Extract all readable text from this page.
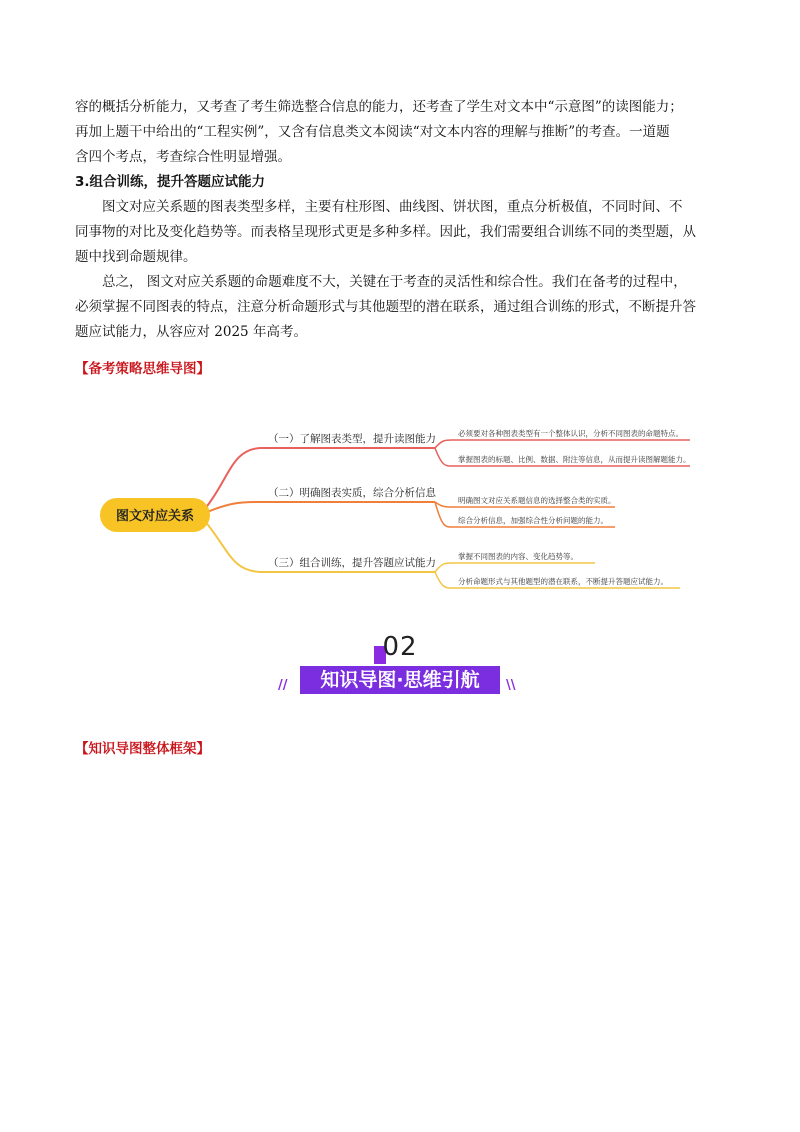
容的概括分析能力，又考查了考生筛选整合信息的能力，还考查了学生对文本中“示意图”的读图能力；
再加上题干中给出的“工程实例”，又含有信息类文本阅读“对文本内容的理解与推断”的考查。一道题
含四个考点，考查综合性明显增强。
3.组合训练，提升答题应试能力
图文对应关系题的图表类型多样，主要有柱形图、曲线图、饼状图，重点分析极值，不同时间、不
同事物的对比及变化趋势等。而表格呈现形式更是多种多样。因此，我们需要组合训练不同的类型题，从
题中找到命题规律。
总之， 图文对应关系题的命题难度不大，关键在于考查的灵活性和综合性。我们在备考的过程中，
必须掌握不同图表的特点，注意分析命题形式与其他题型的潜在联系，通过组合训练的形式，不断提升答
题应试能力，从容应对 2025 年高考。
【备考策略思维导图】
图文对应关系
（一）了解图表类型，提升读图能力
（二）明确图表实质，综合分析信息
（三）组合训练，提升答题应试能力
必须要对各种图表类型有一个整体认识，分析不同图表的命题特点。
掌握图表的标题、比例、数据、附注等信息，从而提升读图解题能力。
明确图文对应关系题信息的选择整合类的实质。
综合分析信息，加强综合性分析问题的能力。
掌握不同图表的内容、变化趋势等。
分析命题形式与其他题型的潜在联系，不断提升答题应试能力。
02
//	知识导图·思维引航	\\
【知识导图整体框架】
